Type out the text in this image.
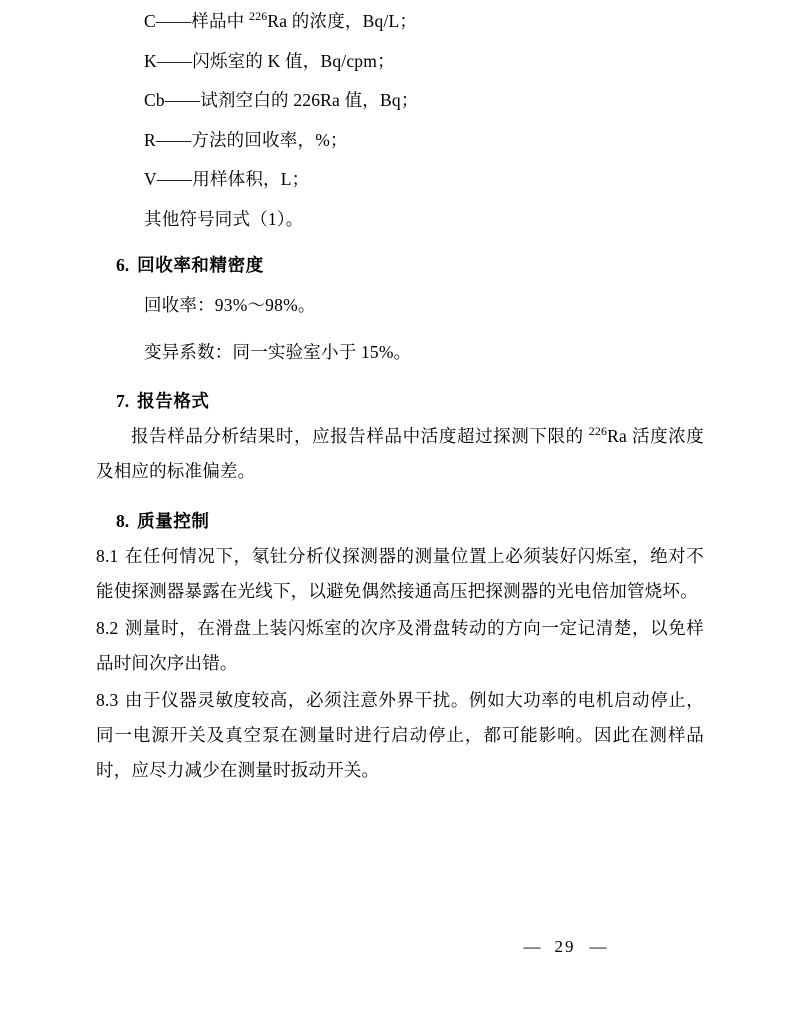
C——样品中 $^{226}$Ra 的浓度，Bq/L；
K——闪烁室的 K 值，Bq/cpm；
Cb——试剂空白的 226Ra 值，Bq；
R——方法的回收率，%；
V——用样体积，L；
其他符号同式（1）。
6. 回收率和精密度
回收率：93%～98%。
变异系数：同一实验室小于 15%。
7. 报告格式
报告样品分析结果时，应报告样品中活度超过探测下限的 $^{226}$Ra 活度浓度及相应的标准偏差。
8. 质量控制
8.1 在任何情况下，氡钍分析仪探测器的测量位置上必须装好闪烁室，绝对不能使探测器暴露在光线下，以避免偶然接通高压把探测器的光电倍加管烧坏。
8.2 测量时，在滑盘上装闪烁室的次序及滑盘转动的方向一定记清楚，以免样品时间次序出错。
8.3 由于仪器灵敏度较高，必须注意外界干扰。例如大功率的电机启动停止，同一电源开关及真空泵在测量时进行启动停止，都可能影响。因此在测样品时，应尽力减少在测量时扳动开关。
— 29 —
